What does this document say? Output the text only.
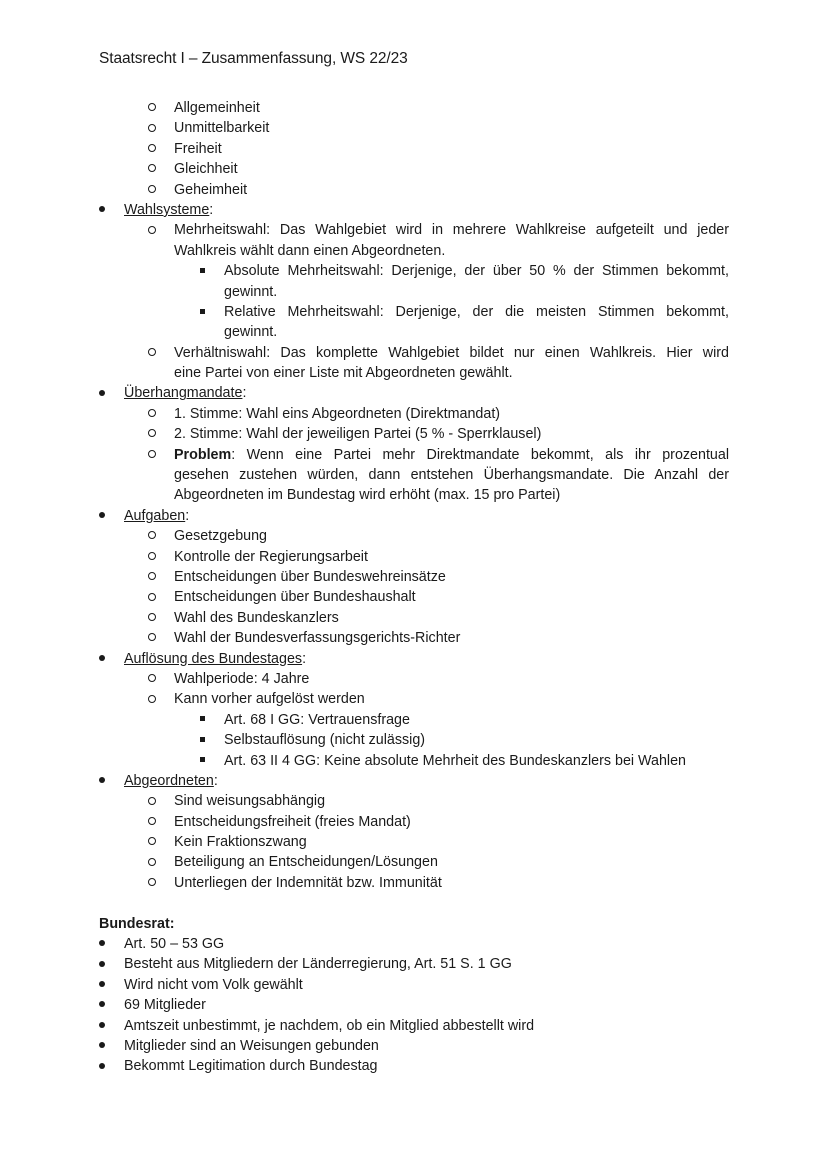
Staatsrecht I – Zusammenfassung, WS 22/23
Allgemeinheit
Unmittelbarkeit
Freiheit
Gleichheit
Geheimheit
Wahlsysteme:
Mehrheitswahl: Das Wahlgebiet wird in mehrere Wahlkreise aufgeteilt und jeder
Wahlkreis wählt dann einen Abgeordneten.
Absolute Mehrheitswahl: Derjenige, der über 50 % der Stimmen bekommt,
gewinnt.
Relative Mehrheitswahl: Derjenige, der die meisten Stimmen bekommt,
gewinnt.
Verhältniswahl: Das komplette Wahlgebiet bildet nur einen Wahlkreis. Hier wird
eine Partei von einer Liste mit Abgeordneten gewählt.
Überhangmandate:
1. Stimme: Wahl eins Abgeordneten (Direktmandat)
2. Stimme: Wahl der jeweiligen Partei (5 % - Sperrklausel)
Problem: Wenn eine Partei mehr Direktmandate bekommt, als ihr prozentual
gesehen zustehen würden, dann entstehen Überhangsmandate. Die Anzahl der
Abgeordneten im Bundestag wird erhöht (max. 15 pro Partei)
Aufgaben:
Gesetzgebung
Kontrolle der Regierungsarbeit
Entscheidungen über Bundeswehreinsätze
Entscheidungen über Bundeshaushalt
Wahl des Bundeskanzlers
Wahl der Bundesverfassungsgerichts-Richter
Auflösung des Bundestages:
Wahlperiode: 4 Jahre
Kann vorher aufgelöst werden
Art. 68 I GG: Vertrauensfrage
Selbstauflösung (nicht zulässig)
Art. 63 II 4 GG: Keine absolute Mehrheit des Bundeskanzlers bei Wahlen
Abgeordneten:
Sind weisungsabhängig
Entscheidungsfreiheit (freies Mandat)
Kein Fraktionszwang
Beteiligung an Entscheidungen/Lösungen
Unterliegen der Indemnität bzw. Immunität
Bundesrat:
Art. 50 – 53 GG
Besteht aus Mitgliedern der Länderregierung, Art. 51 S. 1 GG
Wird nicht vom Volk gewählt
69 Mitglieder
Amtszeit unbestimmt, je nachdem, ob ein Mitglied abbestellt wird
Mitglieder sind an Weisungen gebunden
Bekommt Legitimation durch Bundestag
